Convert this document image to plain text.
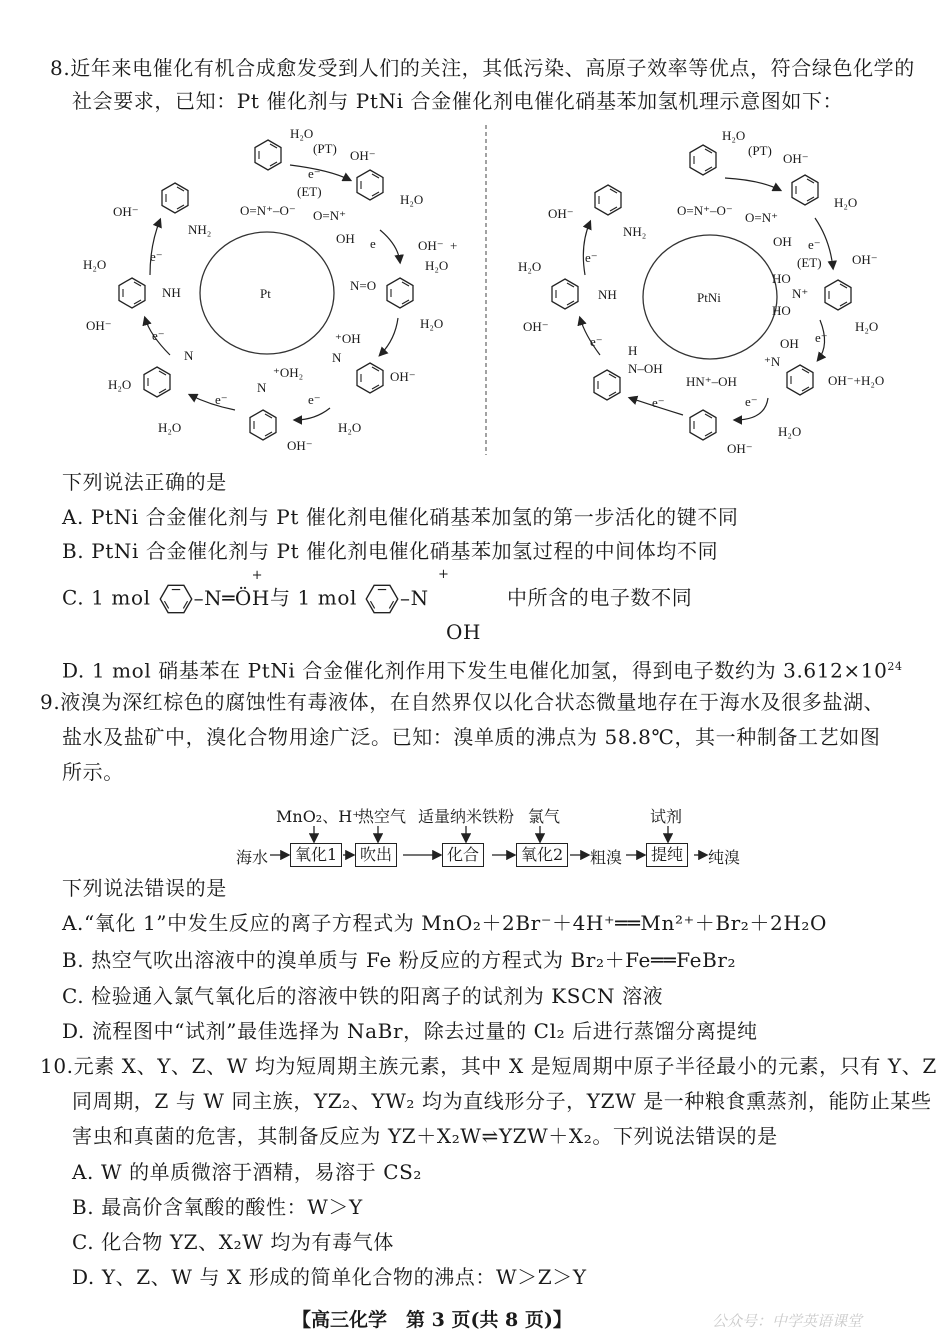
8.近年来电催化有机合成愈发受到人们的关注，其低污染、高原子效率等优点，符合绿色化学的
社会要求，已知：Pt 催化剂与 PtNi 合金催化剂电催化硝基苯加氢机理示意图如下：
Pt
H₂O
(PT) OH⁻
e⁻
(ET)
O=N⁺–O⁻ O=N⁺
OH
H₂O
e	OH⁻ +
H₂O
N=O
H₂O
⁺OH
N
OH⁻
⁺OH₂
N
e⁻
H₂O
OH⁻
e⁻
H₂O
N
H₂O
OH⁻
e⁻
NH
H₂O
e⁻
OH⁻
NH₂
PtNi
H₂O
(PT)
OH⁻
O=N⁺–O⁻ O=N⁺
OH
H₂O
e⁻
(ET) OH⁻
HO
N⁺
HO
H₂O
e⁻
OH
⁺N
OH⁻+H₂O
HN⁺–OH
e⁻
H₂O
OH⁻
e⁻
H
N–OH
e⁻
OH⁻
NH
H₂O
e⁻
OH⁻
NH₂
下列说法正确的是
A. PtNi 合金催化剂与 Pt 催化剂电催化硝基苯加氢的第一步活化的键不同
B. PtNi 合金催化剂与 Pt 催化剂电催化硝基苯加氢过程的中间体均不同
C. 1 mol –N═ÖH
+
与 1 mol –N
+
OH
中所含的电子数不同
D. 1 mol 硝基苯在 PtNi 合金催化剂作用下发生电催化加氢，得到电子数约为 $3.612\times 10^{24}$
9.液溴为深红棕色的腐蚀性有毒液体，在自然界仅以化合状态微量地存在于海水及很多盐湖、
盐水及盐矿中，溴化合物用途广泛。已知：溴单质的沸点为 58.8℃，其一种制备工艺如图
所示。
MnO₂、H⁺
热空气 适量纳米铁粉 氯气	试剂
海水	氧化1	吹出	化合	氧化2	粗溴	提纯	纯溴
下列说法错误的是
A.“氧化 1”中发生反应的离子方程式为 MnO₂＋2Br⁻＋4H⁺══Mn²⁺＋Br₂＋2H₂O
B. 热空气吹出溶液中的溴单质与 Fe 粉反应的方程式为 Br₂＋Fe══FeBr₂
C. 检验通入氯气氧化后的溶液中铁的阳离子的试剂为 KSCN 溶液
D. 流程图中“试剂”最佳选择为 NaBr，除去过量的 Cl₂ 后进行蒸馏分离提纯
10.元素 X、Y、Z、W 均为短周期主族元素，其中 X 是短周期中原子半径最小的元素，只有 Y、Z
同周期，Z 与 W 同主族，YZ₂、YW₂ 均为直线形分子，YZW 是一种粮食熏蒸剂，能防止某些
害虫和真菌的危害，其制备反应为 YZ＋X₂W⇌YZW＋X₂。下列说法错误的是
A. W 的单质微溶于酒精，易溶于 CS₂
B. 最高价含氧酸的酸性：W＞Y
C. 化合物 YZ、X₂W 均为有毒气体
D. Y、Z、W 与 X 形成的简单化合物的沸点：W＞Z＞Y
【高三化学　第 3 页(共 8 页)】	公众号：中学英语课堂
